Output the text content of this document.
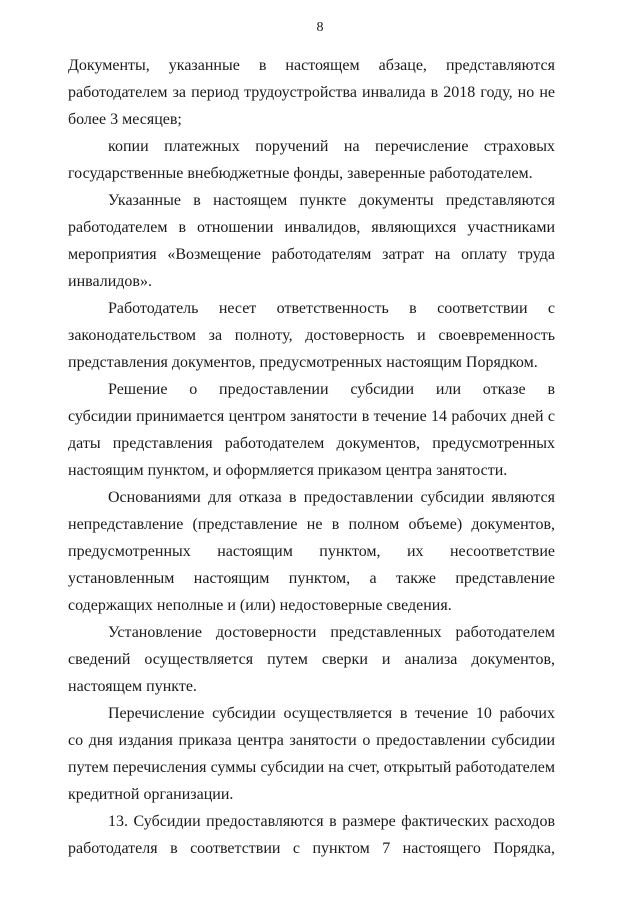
8
Документы, указанные в настоящем абзаце, представляются
работодателем за период трудоустройства инвалида в 2018 году, но не
более 3 месяцев;
копии платежных поручений на перечисление страховых
государственные внебюджетные фонды, заверенные работодателем.
Указанные в настоящем пункте документы представляются
работодателем в отношении инвалидов, являющихся участниками
мероприятия «Возмещение работодателям затрат на оплату труда
инвалидов».
Работодатель несет ответственность в соответствии с
законодательством за полноту, достоверность и своевременность
представления документов, предусмотренных настоящим Порядком.
Решение о предоставлении субсидии или отказе в
субсидии принимается центром занятости в течение 14 рабочих дней с
даты представления работодателем документов, предусмотренных
настоящим пунктом, и оформляется приказом центра занятости.
Основаниями для отказа в предоставлении субсидии являются
непредставление (представление не в полном объеме) документов,
предусмотренных настоящим пунктом, их несоответствие
установленным настоящим пунктом, а также представление
содержащих неполные и (или) недостоверные сведения.
Установление достоверности представленных работодателем
сведений осуществляется путем сверки и анализа документов,
настоящем пункте.
Перечисление субсидии осуществляется в течение 10 рабочих
со дня издания приказа центра занятости о предоставлении субсидии
путем перечисления суммы субсидии на счет, открытый работодателем
кредитной организации.
13. Субсидии предоставляются в размере фактических расходов
работодателя в соответствии с пунктом 7 настоящего Порядка,
